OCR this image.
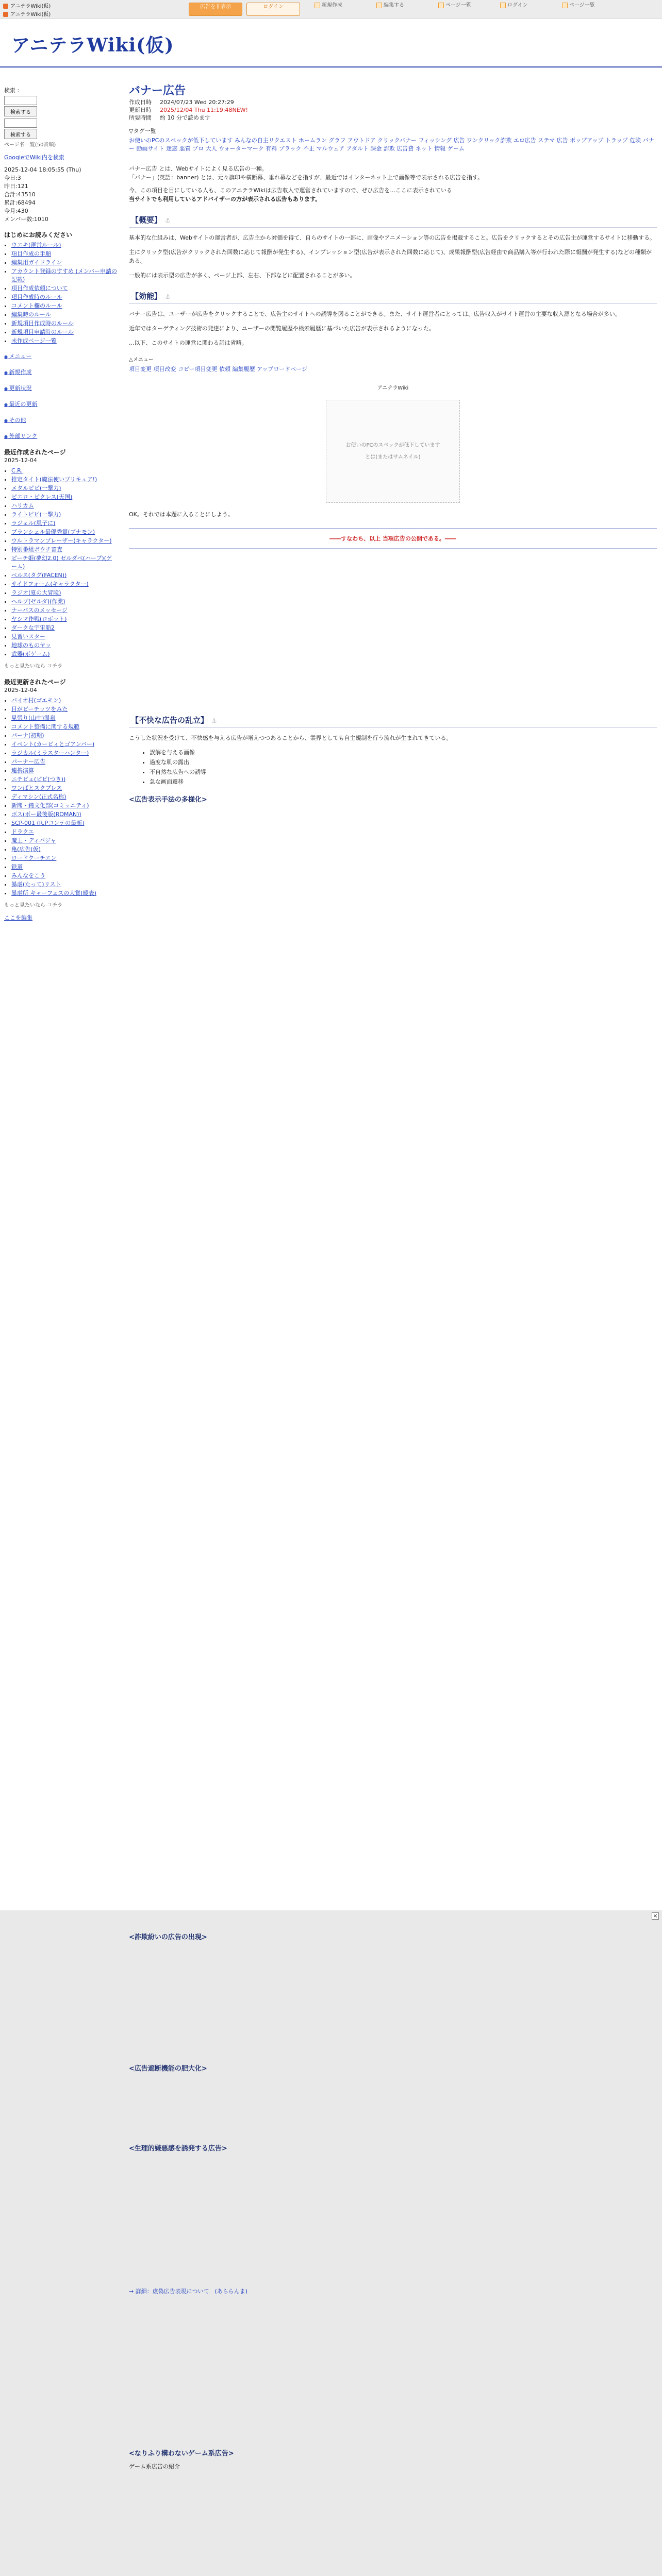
アニテラWiki(仮)
アニテラWiki(仮)
広告を非表示	ログイン	新規作成	編集する	ページ一覧	ログイン	ページ一覧
アニテラWiki(仮)
検索 :
検索する
検索する
ページ名一覧(50音順)
GoogleでWiki内を検索
2025-12-04 18:05:55 (Thu)
今日:3
昨日:121
合計:43510
累計:68494
今月:430
メンバー数:1010
はじめにお読みください
• ウエキ(運営ルール)
• 項目作成の手順
• 編集用ガイドライン
• アカウント登録のすすめ (メンバー申請の記載)
• 項目作成依頼について
• 項目作成時のルール
• コメント欄のルール
• 編集時のルール
• 新規項目作成時のルール
• 新規項目申請時のルール
• 未作成ページ一覧
● メニュー
● 新規作成
● 更新状況
● 最近の更新
● その他
● 外部リンク
最近作成されたページ
2025-12-04
• C.R.
• 推定タイト(魔法使いプリキュア!)
• メタルピピ(一撃力)
• ピエロ・ピクレス(天国)
• ハリカム
• ライトピピ(一撃力)
• ラジェル(風子に)
• ブランシェル最優秀賞(ブナモン)
• ウルトラマンブレーザー(キャラクター)
• 特別番組ボウチ審査
• ピーチ姫(夢幻2.0) ゼルダベ(ハープ)(ゲーム)
• ペルス(タグ(FACEN))
• サイドフォーム(キャラクター)
• ラジオ(夏の大冒険)
• ヘルプ(ゼルダ)(作業)
• ナーバスのメッセージ
• ヤシマ作戦(ロボット)
• ダークな宇宙船2
• 見習いスター
• 地球のものヤッ
• 武器(ボゲーム)
もっと見たいなら コチラ
最近更新されたページ
2025-12-04
• バイオ村(ゴエモン)
• 目がピーチッツをみた
• 見張り(山中)温泉
• コメント整備に関する規範
• パーナ(初期)
• イベント(カービィとゴアンバー)
• ラジカル(ミラスターハンター)
• パーナー広告
• 連携演算
• ニチビュ(ピピ(つき))
• ワンばとスクプレス
• ディマシン(正式名称)
• 新聞・鐘文化部(コミュニティ)
• ボス(ボー最後版(ROMAN))
• SCP-001 (R.Pコンテの最新)
• ドラクエ
• 魔王・ディバジャ
• 亀(広告(仮)
• ロードクーチエン
• 鉄道
• みんなをこう
• 暴虐(たって)リスト
• 暴虐所 キャーフェスの大賞(暖表)
もっと見たいなら コチラ
ここを編集
バナー広告
作成日時 2024/07/23 Wed 20:27:29
更新日時 2025/12/04 Thu 11:19:48NEW!
所要時間 約 10 分で読めます
▽タグ一覧
お使いのPCのスペックが低下しています みんなの自主リクエスト ホームラン グラフ アウトドア クリックバナー フィッシング 広告 ワンクリック詐欺 エロ広告 ステマ 広告 ポップアップ トラップ 危険 バナー 動画サイト 迷惑 悪質 プロ 大人 ウォーターマーク 有料 ブラック 不正 マルウェア アダルト 課金 詐欺 広告費 ネット 情報 ゲーム
バナー広告 とは、Webサイトによく見る広告の一種。
「バナー」(英語：banner) とは、元々旗印や横断幕、垂れ幕などを指すが、最近ではインターネット上で画像等で表示される広告を指す。
今、この項目を目にしている人も、このアニテラWikiは広告収入で運営されていますので、ぜひ広告を...ここに表示されている
当サイトでも利用しているアドバイザーの方が表示される広告もあります。
【概要】 ⚓

基本的な仕組みは、Webサイトの運営者が、広告主から対価を得て、自らのサイトの一部に、画像やアニメーション等の広告を掲載すること。広告をクリックするとその広告主が運営するサイトに移動する。

主にクリック型(広告がクリックされた回数に応じて報酬が発生する)、インプレッション型(広告が表示された回数に応じて)、成果報酬型(広告経由で商品購入等が行われた際に報酬が発生する)などの種類がある。

一般的には表示型の広告が多く、ページ上部、左右、下部などに配置されることが多い。

【効能】 ⚓

バナー広告は、ユーザーが広告をクリックすることで、広告主のサイトへの誘導を図ることができる。また、サイト運営者にとっては、広告収入がサイト運営の主要な収入源となる場合が多い。

近年ではターゲティング技術の発達により、ユーザーの閲覧履歴や検索履歴に基づいた広告が表示されるようになった。

...以下、このサイトの運営に関わる話は省略。

△メニュー
項目変更 項目改変 コピー項目変更 依頼 編集履歴 アップロードページ
アニテラWiki
お使いのPCのスペックが低下しています
とは(またはサムネイル)
OK。それでは本題に入ることにしよう。
――すなわち、以上 当項広告の公開である。――
【不快な広告の乱立】 ⚓

こうした状況を受けて、不快感を与える広告が増えつつあることから、業界としても自主規制を行う流れが生まれてきている。

• 誤解を与える画像
• 過度な肌の露出
• 不自然な広告への誘導
• 急な画面遷移
<広告表示手法の多様化>
×
<詐欺紛いの広告の出現>
<広告遮断機能の肥大化>
<生理的嫌悪感を誘発する広告>
→ 詳細：虚偽広告表現について　(あららんま)
<なりふり構わないゲーム系広告>
ゲーム系広告の紹介
